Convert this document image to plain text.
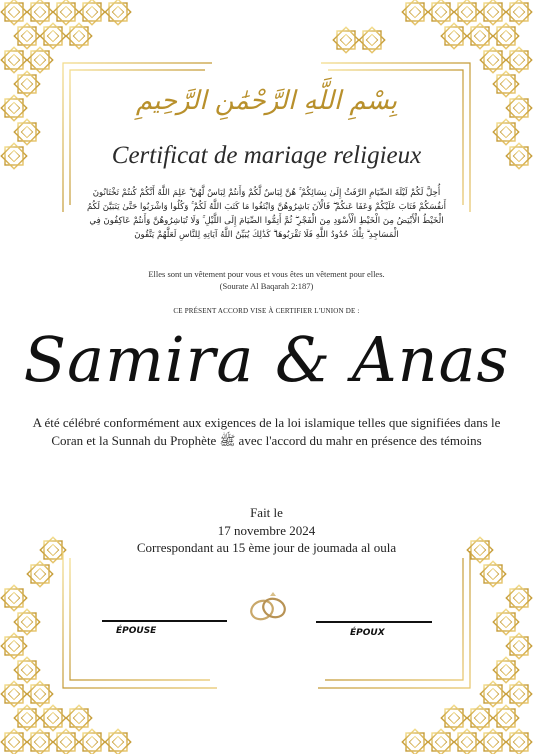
بِسْمِ اللَّهِ الرَّحْمَٰنِ الرَّحِيمِ
Certificat de mariage religieux
أُحِلَّ لَكُمْ لَيْلَةَ الصِّيَامِ الرَّفَثُ إِلَىٰ نِسَائِكُمْ ۚ هُنَّ لِبَاسٌ لَّكُمْ وَأَنتُمْ لِبَاسٌ لَّهُنَّ ۗ عَلِمَ اللَّهُ أَنَّكُمْ كُنتُمْ تَخْتَانُونَ
أَنفُسَكُمْ فَتَابَ عَلَيْكُمْ وَعَفَا عَنكُمْ ۖ فَالْآنَ بَاشِرُوهُنَّ وَابْتَغُوا مَا كَتَبَ اللَّهُ لَكُمْ ۚ وَكُلُوا وَاشْرَبُوا حَتَّىٰ يَتَبَيَّنَ لَكُمُ
الْخَيْطُ الْأَبْيَضُ مِنَ الْخَيْطِ الْأَسْوَدِ مِنَ الْفَجْرِ ۖ ثُمَّ أَتِمُّوا الصِّيَامَ إِلَى اللَّيْلِ ۚ وَلَا تُبَاشِرُوهُنَّ وَأَنتُمْ عَاكِفُونَ فِي
الْمَسَاجِدِ ۗ تِلْكَ حُدُودُ اللَّهِ فَلَا تَقْرَبُوهَا ۗ كَذَٰلِكَ يُبَيِّنُ اللَّهُ آيَاتِهِ لِلنَّاسِ لَعَلَّهُمْ يَتَّقُونَ
Elles sont un vêtement pour vous et vous êtes un vêtement pour elles.
(Sourate Al Baqarah 2:187)
CE PRÉSENT ACCORD VISE À CERTIFIER L'UNION DE :
Samira & Anas
A été célébré conformément aux exigences de la loi islamique telles que signifiées dans le Coran et la Sunnah du Prophète ﷺ avec l'accord du mahr en présence des témoins
Fait le
17 novembre 2024
Correspondant au 15 ème jour de joumada al oula
ÉPOUSE	ÉPOUX
